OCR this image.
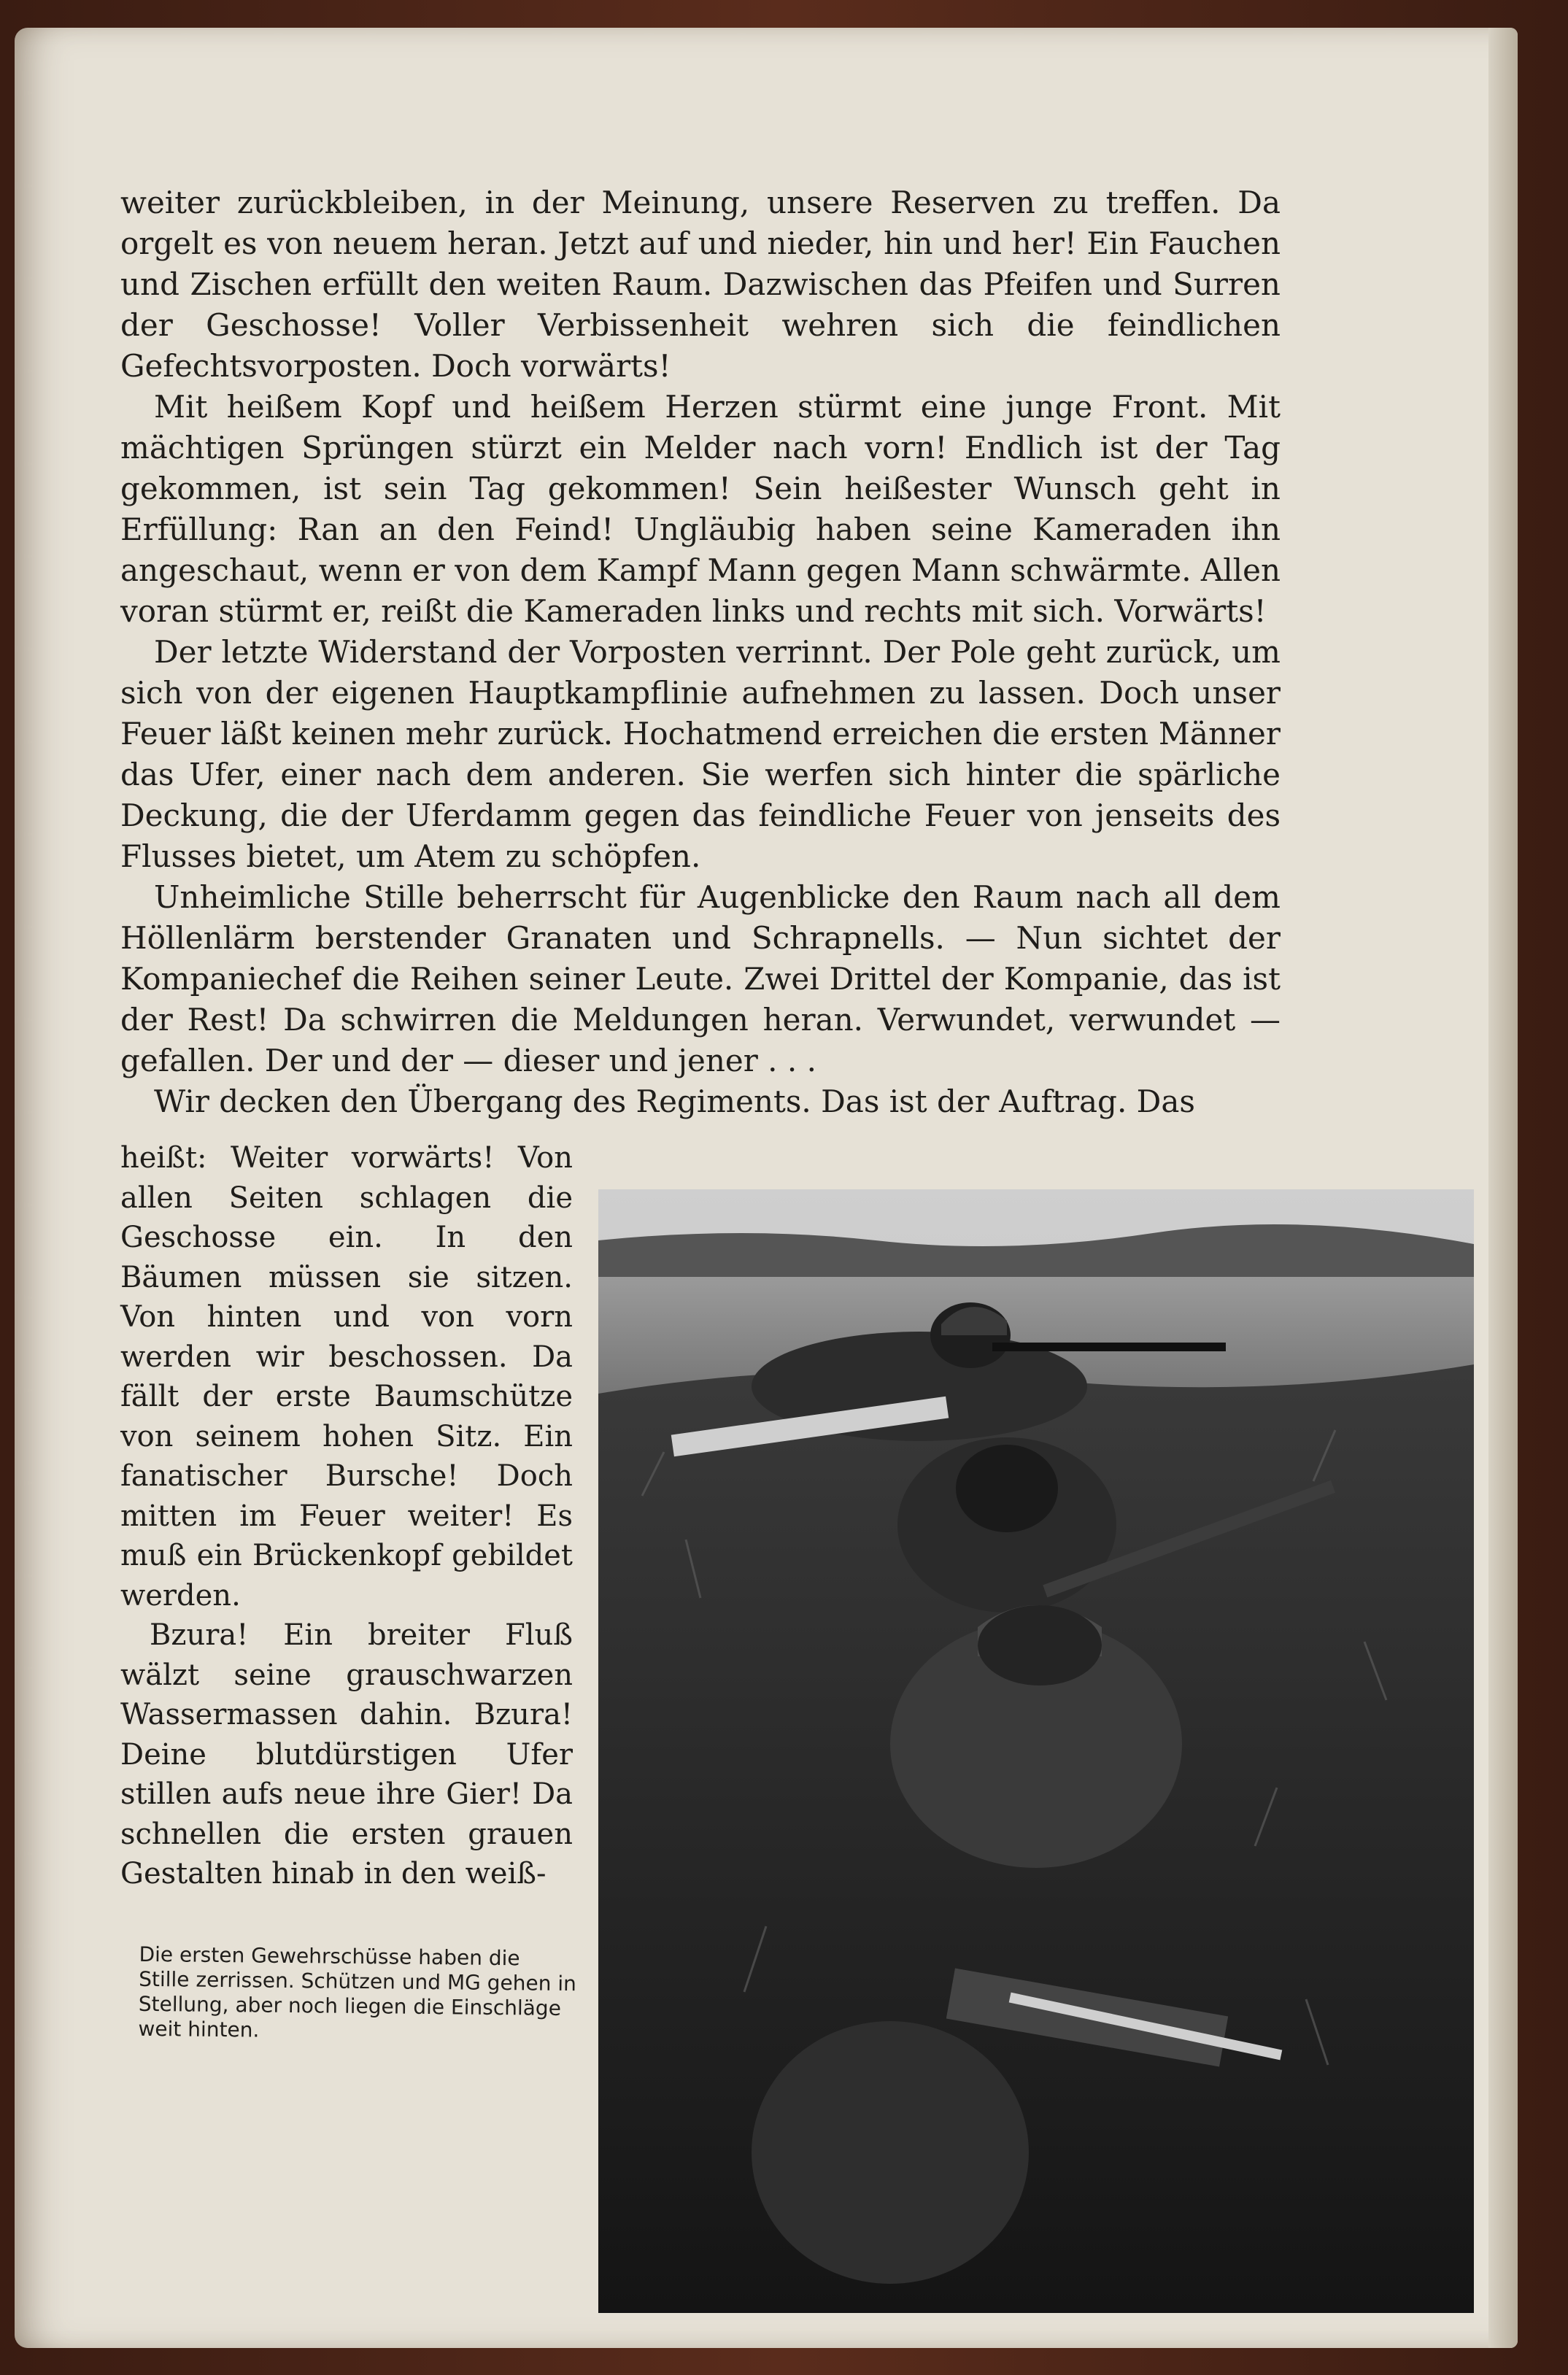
weiter zurückbleiben, in der Meinung, unsere Reserven zu treffen. Da orgelt es von neuem heran. Jetzt auf und nieder, hin und her! Ein Fauchen und Zischen erfüllt den weiten Raum. Dazwischen das Pfeifen und Surren der Geschosse! Voller Verbissenheit wehren sich die feindlichen Gefechtsvorposten. Doch vorwärts!

Mit heißem Kopf und heißem Herzen stürmt eine junge Front. Mit mächtigen Sprüngen stürzt ein Melder nach vorn! Endlich ist der Tag gekommen, ist sein Tag gekommen! Sein heißester Wunsch geht in Erfüllung: Ran an den Feind! Ungläubig haben seine Kameraden ihn angeschaut, wenn er von dem Kampf Mann gegen Mann schwärmte. Allen voran stürmt er, reißt die Kameraden links und rechts mit sich. Vorwärts!

Der letzte Widerstand der Vorposten verrinnt. Der Pole geht zurück, um sich von der eigenen Hauptkampflinie aufnehmen zu lassen. Doch unser Feuer läßt keinen mehr zurück. Hochatmend erreichen die ersten Männer das Ufer, einer nach dem anderen. Sie werfen sich hinter die spärliche Deckung, die der Uferdamm gegen das feindliche Feuer von jenseits des Flusses bietet, um Atem zu schöpfen.

Unheimliche Stille beherrscht für Augenblicke den Raum nach all dem Höllenlärm berstender Granaten und Schrapnells. — Nun sichtet der Kompaniechef die Reihen seiner Leute. Zwei Drittel der Kompanie, das ist der Rest! Da schwirren die Meldungen heran. Verwundet, verwundet — gefallen. Der und der — dieser und jener . . .

Wir decken den Übergang des Regiments. Das ist der Auftrag. Das

heißt: Weiter vorwärts! Von allen Seiten schlagen die Geschosse ein. In den Bäumen müssen sie sitzen. Von hinten und von vorn werden wir beschossen. Da fällt der erste Baumschütze von seinem hohen Sitz. Ein fanatischer Bursche! Doch mitten im Feuer weiter! Es muß ein Brückenkopf gebildet werden.

Bzura! Ein breiter Fluß wälzt seine grauschwarzen Wassermassen dahin. Bzura! Deine blutdürstigen Ufer stillen aufs neue ihre Gier! Da schnellen die ersten grauen Gestalten hinab in den weiß-

Die ersten Gewehrschüsse haben die Stille zerrissen. Schützen und MG gehen in Stellung, aber noch liegen die Einschläge weit hinten.
